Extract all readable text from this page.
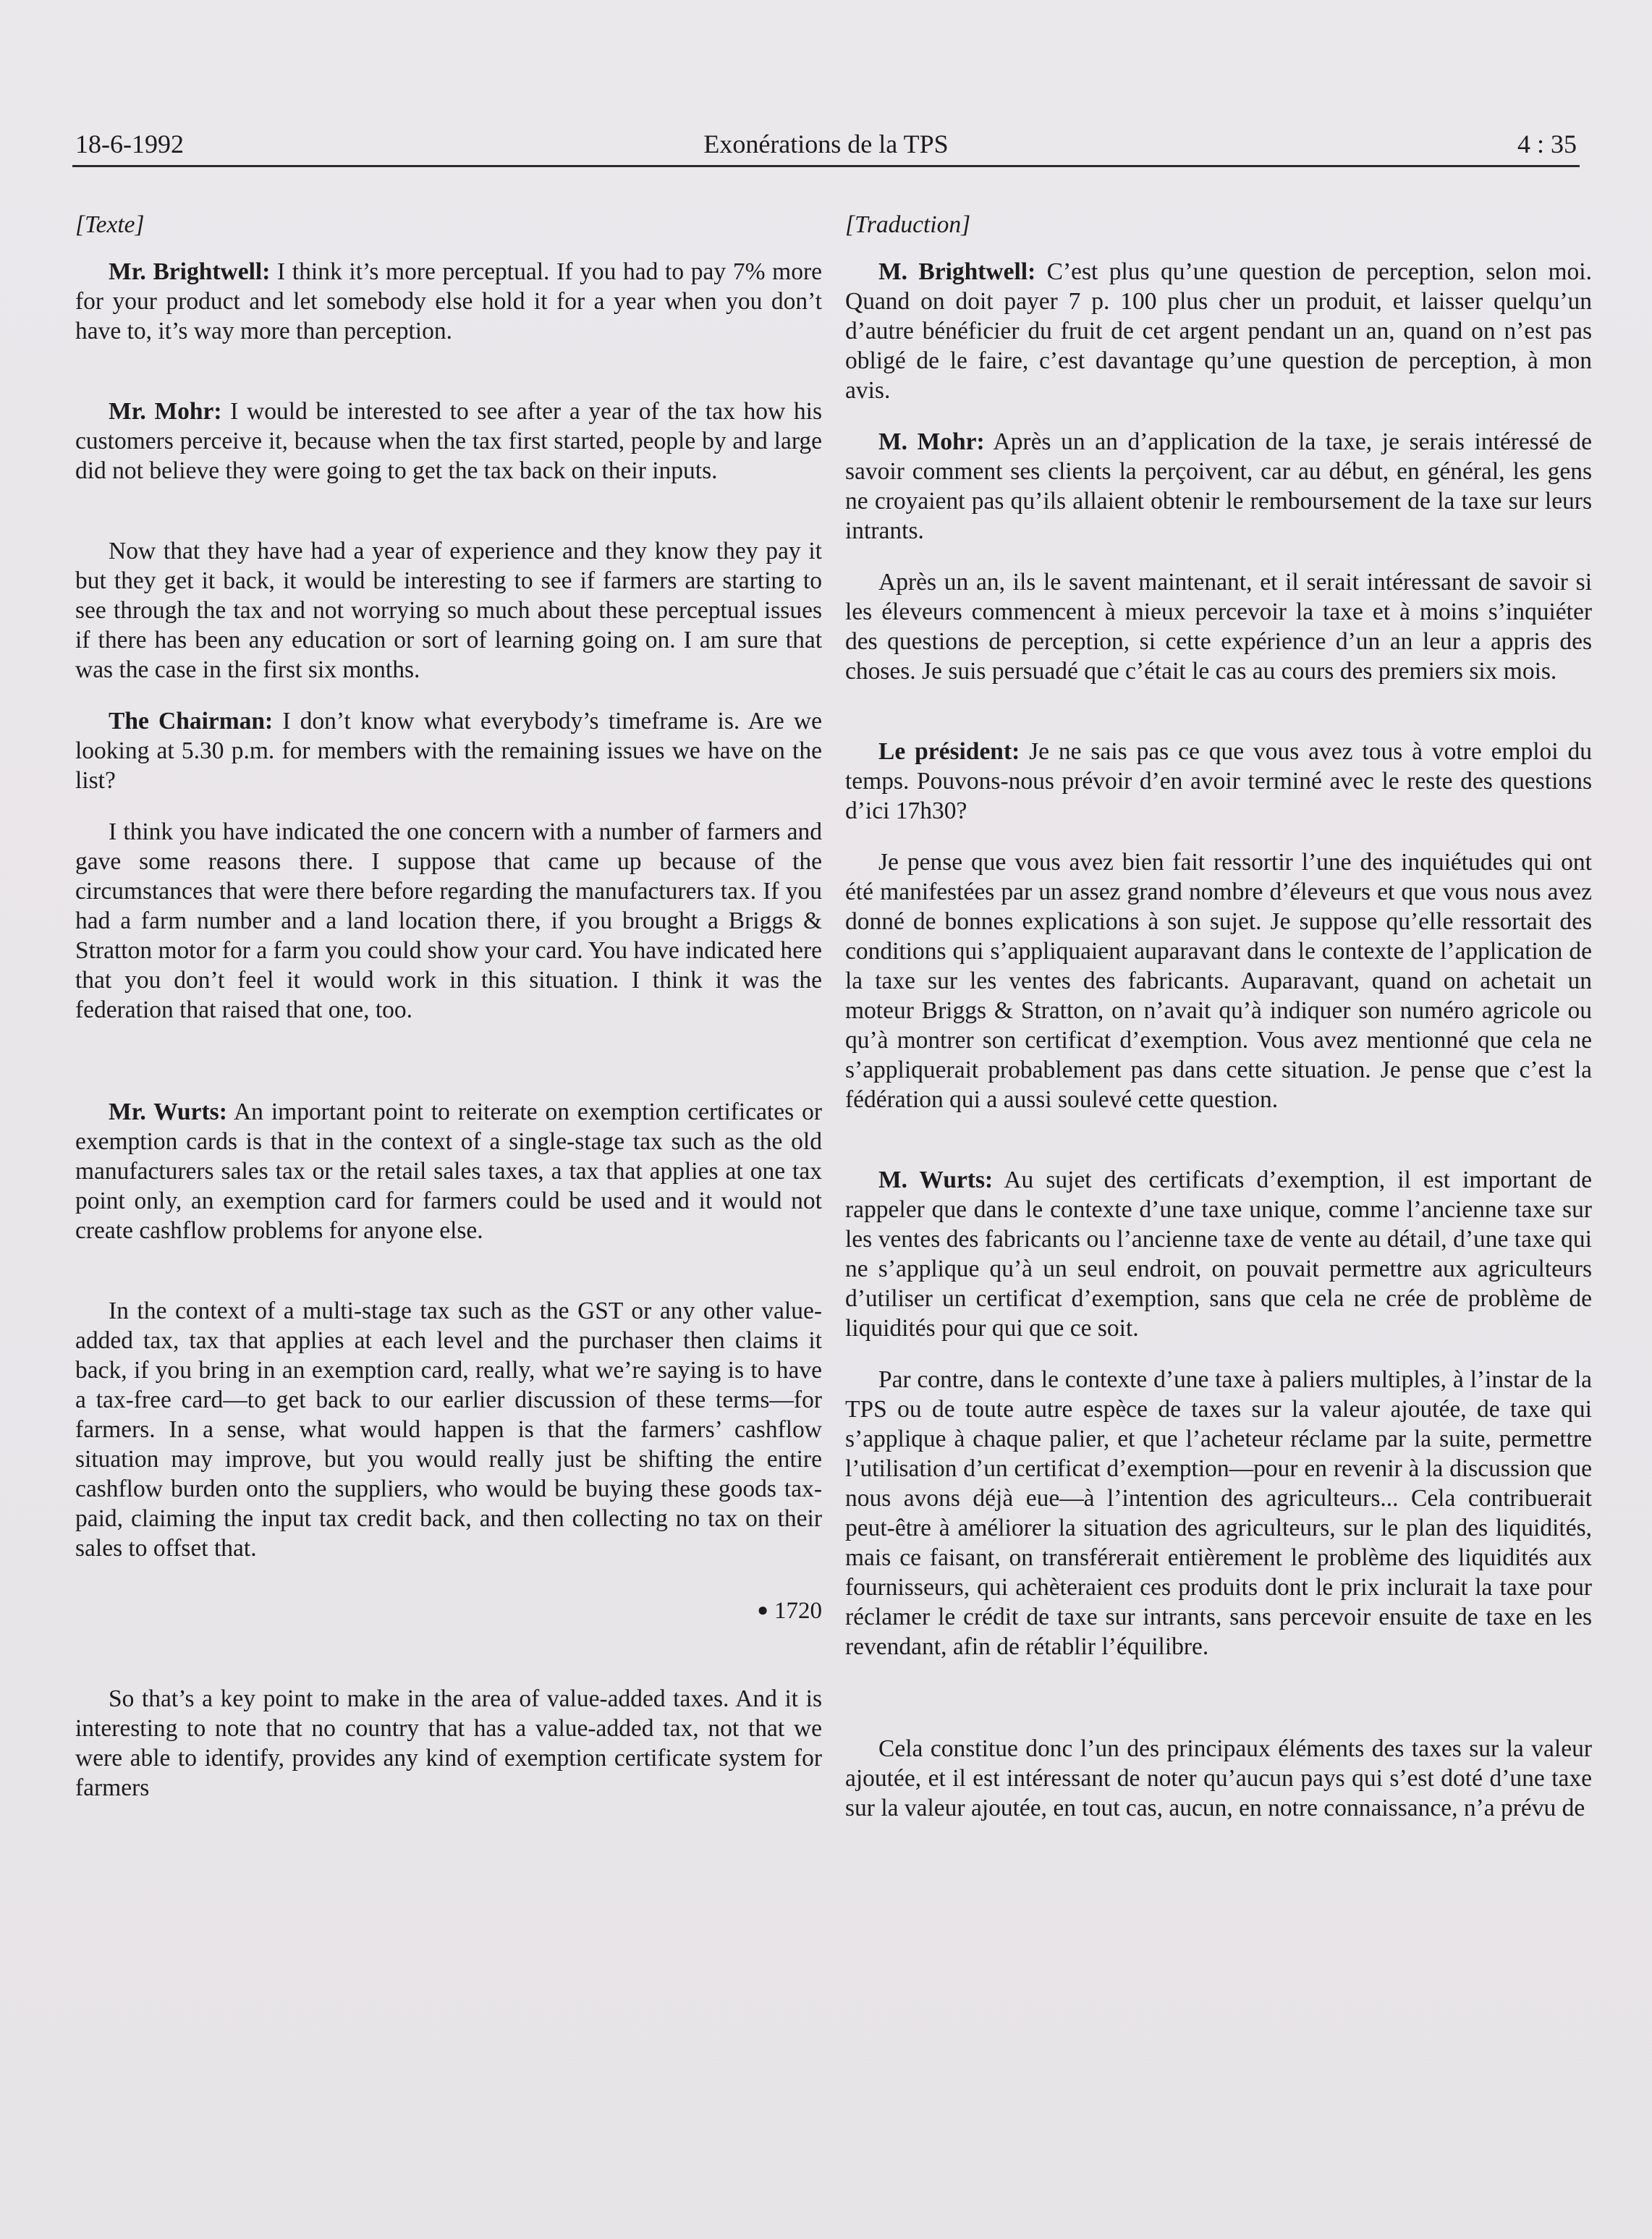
18-6-1992	Exonérations de la TPS	4 : 35

[Texte]

Mr. Brightwell: I think it’s more perceptual. If you had to pay 7% more for your product and let somebody else hold it for a year when you don’t have to, it’s way more than perception.

Mr. Mohr: I would be interested to see after a year of the tax how his customers perceive it, because when the tax first started, people by and large did not believe they were going to get the tax back on their inputs.

Now that they have had a year of experience and they know they pay it but they get it back, it would be interesting to see if farmers are starting to see through the tax and not worrying so much about these perceptual issues if there has been any education or sort of learning going on. I am sure that was the case in the first six months.

The Chairman: I don’t know what everybody’s timeframe is. Are we looking at 5.30 p.m. for members with the remaining issues we have on the list?

I think you have indicated the one concern with a number of farmers and gave some reasons there. I suppose that came up because of the circumstances that were there before regarding the manufacturers tax. If you had a farm number and a land location there, if you brought a Briggs & Stratton motor for a farm you could show your card. You have indicated here that you don’t feel it would work in this situation. I think it was the federation that raised that one, too.

Mr. Wurts: An important point to reiterate on exemption certificates or exemption cards is that in the context of a single-stage tax such as the old manufacturers sales tax or the retail sales taxes, a tax that applies at one tax point only, an exemption card for farmers could be used and it would not create cashflow problems for anyone else.

In the context of a multi-stage tax such as the GST or any other value-added tax, tax that applies at each level and the purchaser then claims it back, if you bring in an exemption card, really, what we’re saying is to have a tax-free card—to get back to our earlier discussion of these terms—for farmers. In a sense, what would happen is that the farmers’ cashflow situation may improve, but you would really just be shifting the entire cashflow burden onto the suppliers, who would be buying these goods tax-paid, claiming the input tax credit back, and then collecting no tax on their sales to offset that.

● 1720

So that’s a key point to make in the area of value-added taxes. And it is interesting to note that no country that has a value-added tax, not that we were able to identify, provides any kind of exemption certificate system for farmers

[Traduction]

M. Brightwell: C’est plus qu’une question de perception, selon moi. Quand on doit payer 7 p. 100 plus cher un produit, et laisser quelqu’un d’autre bénéficier du fruit de cet argent pendant un an, quand on n’est pas obligé de le faire, c’est davantage qu’une question de perception, à mon avis.

M. Mohr: Après un an d’application de la taxe, je serais intéressé de savoir comment ses clients la perçoivent, car au début, en général, les gens ne croyaient pas qu’ils allaient obtenir le remboursement de la taxe sur leurs intrants.

Après un an, ils le savent maintenant, et il serait intéressant de savoir si les éleveurs commencent à mieux percevoir la taxe et à moins s’inquiéter des questions de perception, si cette expérience d’un an leur a appris des choses. Je suis persuadé que c’était le cas au cours des premiers six mois.

Le président: Je ne sais pas ce que vous avez tous à votre emploi du temps. Pouvons-nous prévoir d’en avoir terminé avec le reste des questions d’ici 17h30?

Je pense que vous avez bien fait ressortir l’une des inquiétudes qui ont été manifestées par un assez grand nombre d’éleveurs et que vous nous avez donné de bonnes explications à son sujet. Je suppose qu’elle ressortait des conditions qui s’appliquaient auparavant dans le contexte de l’application de la taxe sur les ventes des fabricants. Auparavant, quand on achetait un moteur Briggs & Stratton, on n’avait qu’à indiquer son numéro agricole ou qu’à montrer son certificat d’exemption. Vous avez mentionné que cela ne s’appliquerait probablement pas dans cette situation. Je pense que c’est la fédération qui a aussi soulevé cette question.

M. Wurts: Au sujet des certificats d’exemption, il est important de rappeler que dans le contexte d’une taxe unique, comme l’ancienne taxe sur les ventes des fabricants ou l’ancienne taxe de vente au détail, d’une taxe qui ne s’applique qu’à un seul endroit, on pouvait permettre aux agriculteurs d’utiliser un certificat d’exemption, sans que cela ne crée de problème de liquidités pour qui que ce soit.

Par contre, dans le contexte d’une taxe à paliers multiples, à l’instar de la TPS ou de toute autre espèce de taxes sur la valeur ajoutée, de taxe qui s’applique à chaque palier, et que l’acheteur réclame par la suite, permettre l’utilisation d’un certificat d’exemption—pour en revenir à la discussion que nous avons déjà eue—à l’intention des agriculteurs... Cela contribuerait peut-être à améliorer la situation des agriculteurs, sur le plan des liquidités, mais ce faisant, on transférerait entièrement le problème des liquidités aux fournisseurs, qui achèteraient ces produits dont le prix inclurait la taxe pour réclamer le crédit de taxe sur intrants, sans percevoir ensuite de taxe en les revendant, afin de rétablir l’équilibre.

Cela constitue donc l’un des principaux éléments des taxes sur la valeur ajoutée, et il est intéressant de noter qu’aucun pays qui s’est doté d’une taxe sur la valeur ajoutée, en tout cas, aucun, en notre connaissance, n’a prévu de
